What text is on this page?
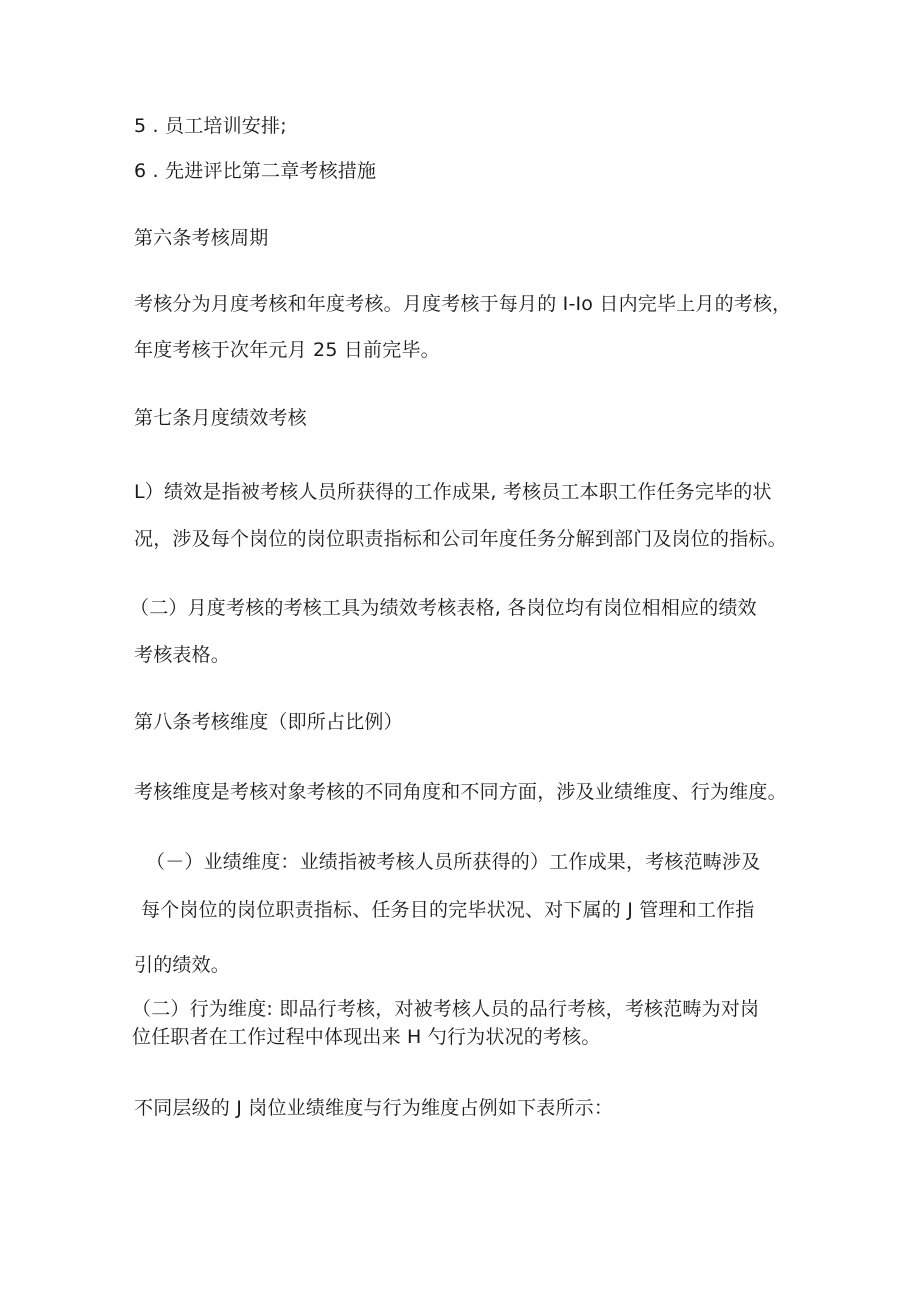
5 . 员工培训安排;

6 . 先进评比第二章考核措施

第六条考核周期

考核分为月度考核和年度考核。月度考核于每月的 I-Io 日内完毕上月的考核，

年度考核于次年元月 25 日前完毕。

第七条月度绩效考核

L）绩效是指被考核人员所获得的工作成果, 考核员工本职工作任务完毕的状

况，涉及每个岗位的岗位职责指标和公司年度任务分解到部门及岗位的指标。

（二）月度考核的考核工具为绩效考核表格, 各岗位均有岗位相相应的绩效

考核表格。

第八条考核维度（即所占比例）

考核维度是考核对象考核的不同角度和不同方面，涉及业绩维度、行为维度。

（－）业绩维度：业绩指被考核人员所获得的）工作成果，考核范畴涉及

每个岗位的岗位职责指标、任务目的完毕状况、对下属的 J 管理和工作指

引的绩效。

（二）行为维度: 即品行考核，对被考核人员的品行考核，考核范畴为对岗

位任职者在工作过程中体现出来 H 勺行为状况的考核。

不同层级的 J 岗位业绩维度与行为维度占例如下表所示：
